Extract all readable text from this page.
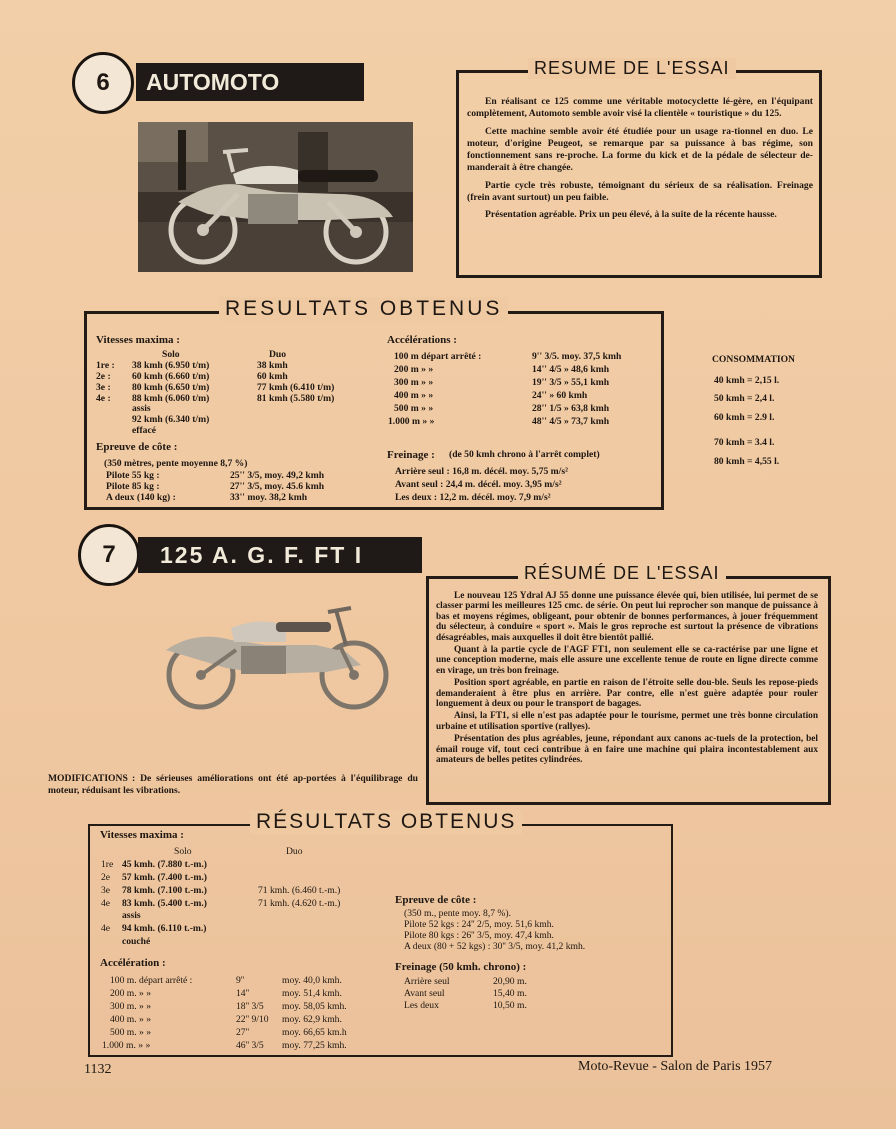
6 AUTOMOTO
RESUME DE L'ESSAI

En réalisant ce 125 comme une véritable motocyclette lé-gère, en l'équipant complètement, Automoto semble avoir visé la clientèle « touristique » du 125.

Cette machine semble avoir été étudiée pour un usage ra-tionnel en duo. Le moteur, d'origine Peugeot, se remarque par sa puissance à bas régime, son fonctionnement sans re-proche. La forme du kick et de la pédale de sélecteur de-manderait à être changée.

Partie cycle très robuste, témoignant du sérieux de sa réalisation. Freinage (frein avant surtout) un peu faible.

Présentation agréable. Prix un peu élevé, à la suite de la récente hausse.

RESULTATS OBTENUS
Vitesses maxima :
Solo	Duo
1re : 38 kmh (6.950 t/m)	38 kmh
2e : 60 kmh (6.660 t/m)	60 kmh
3e : 80 kmh (6.650 t/m)	77 kmh (6.410 t/m)
4e : 88 kmh (6.060 t/m)	81 kmh (5.580 t/m)
assis
92 kmh (6.340 t/m)
effacé
Epreuve de côte :
(350 mètres, pente moyenne 8,7 %)
Pilote 55 kg :	25'' 3/5, moy. 49,2 kmh
Pilote 85 kg :	27'' 3/5, moy. 45.6 kmh
A deux (140 kg) :	33'' moy. 38,2 kmh
Accélérations :
100 m départ arrêté :	9'' 3/5. moy. 37,5 kmh
200 m » »	14'' 4/5 » 48,6 kmh
300 m » »	19'' 3/5 » 55,1 kmh
400 m » »	24'' » 60 kmh
500 m » »	28'' 1/5 » 63,8 kmh
1.000 m » »	48'' 4/5 » 73,7 kmh
Freinage : (de 50 kmh chrono à l'arrêt complet)
Arrière seul : 16,8 m. décél. moy. 5,75 m/s²
Avant seul : 24,4 m. décél. moy. 3,95 m/s²
Les deux : 12,2 m. décél. moy. 7,9 m/s²
CONSOMMATION
40 kmh = 2,15 l.
50 kmh = 2,4 l.
60 kmh = 2.9 l.
70 kmh = 3.4 l.
80 kmh = 4,55 l.
7 125 A. G. F. FT I
MODIFICATIONS : De sérieuses améliorations ont été ap-portées à l'équilibrage du moteur, réduisant les vibrations.

RÉSUMÉ DE L'ESSAI

Le nouveau 125 Ydral AJ 55 donne une puissance élevée qui, bien utilisée, lui permet de se classer parmi les meilleures 125 cmc. de série. On peut lui reprocher son manque de puissance à bas et moyens régimes, obligeant, pour obtenir de bonnes performances, à jouer fréquemment du sélecteur, à conduire « sport ». Mais le gros reproche est surtout la présence de vibrations désagréables, mais auxquelles il doit être bientôt pallié.

Quant à la partie cycle de l'AGF FT1, non seulement elle se ca-ractérise par une ligne et une conception moderne, mais elle assure une excellente tenue de route en ligne directe comme en virage, un très bon freinage.

Position sport agréable, en partie en raison de l'étroite selle dou-ble. Seuls les repose-pieds demanderaient à être plus en arrière. Par contre, elle n'est guère adaptée pour rouler longuement à deux ou pour le transport de bagages.

Ainsi, la FT1, si elle n'est pas adaptée pour le tourisme, permet une très bonne circulation urbaine et utilisation sportive (rallyes).

Présentation des plus agréables, jeune, répondant aux canons ac-tuels de la protection, bel émail rouge vif, tout ceci contribue à en faire une machine qui plaira incontestablement aux amateurs de belles petites cylindrées.

RÉSULTATS OBTENUS
Vitesses maxima :
Solo	Duo
1re 45 kmh. (7.880 t.-m.)
2e 57 kmh. (7.400 t.-m.)
3e 78 kmh. (7.100 t.-m.)	71 kmh. (6.460 t.-m.)
4e 83 kmh. (5.400 t.-m.)	71 kmh. (4.620 t.-m.)
assis
4e 94 kmh. (6.110 t.-m.)
couché
Accélération :
100 m. départ arrêté :	9''	moy. 40,0 kmh.
200 m. » »	14''	moy. 51,4 kmh.
300 m. » »	18'' 3/5 moy. 58,05 kmh.
400 m. » »	22'' 9/10 moy. 62,9 kmh.
500 m. » »	27''	moy. 66,65 km.h
1.000 m. » »	46'' 3/5 moy. 77,25 kmh.
Epreuve de côte :
(350 m., pente moy. 8,7 %).
Pilote 52 kgs : 24'' 2/5, moy. 51,6 kmh.
Pilote 80 kgs : 26'' 3/5, moy. 47,4 kmh.
A deux (80 + 52 kgs) : 30'' 3/5, moy. 41,2 kmh.
Freinage (50 kmh. chrono) :
Arrière seul	20,90 m.
Avant seul	15,40 m.
Les deux	10,50 m.
1132	Moto-Revue - Salon de Paris 1957
